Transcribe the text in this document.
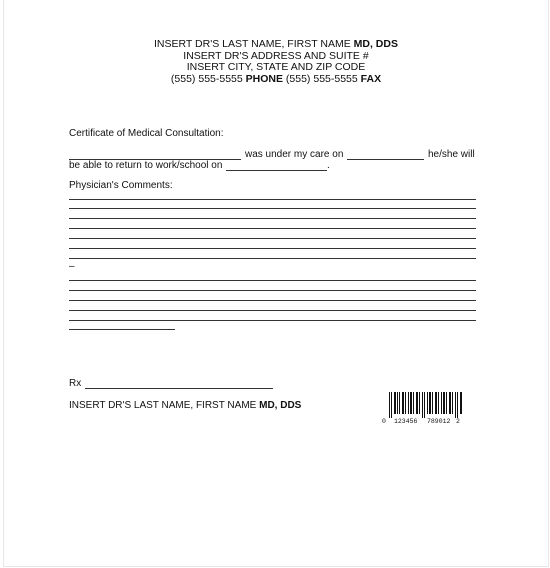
INSERT DR'S LAST NAME, FIRST NAME MD, DDS
INSERT DR'S ADDRESS AND SUITE #
INSERT CITY, STATE AND ZIP CODE
(555) 555-5555 PHONE (555) 555-5555 FAX
Certificate of Medical Consultation:
was under my care on	he/she will
be able to return to work/school on	.
Physician's Comments:
–
Rx
INSERT DR'S LAST NAME, FIRST NAME MD, DDS
0 123456 789012 2
